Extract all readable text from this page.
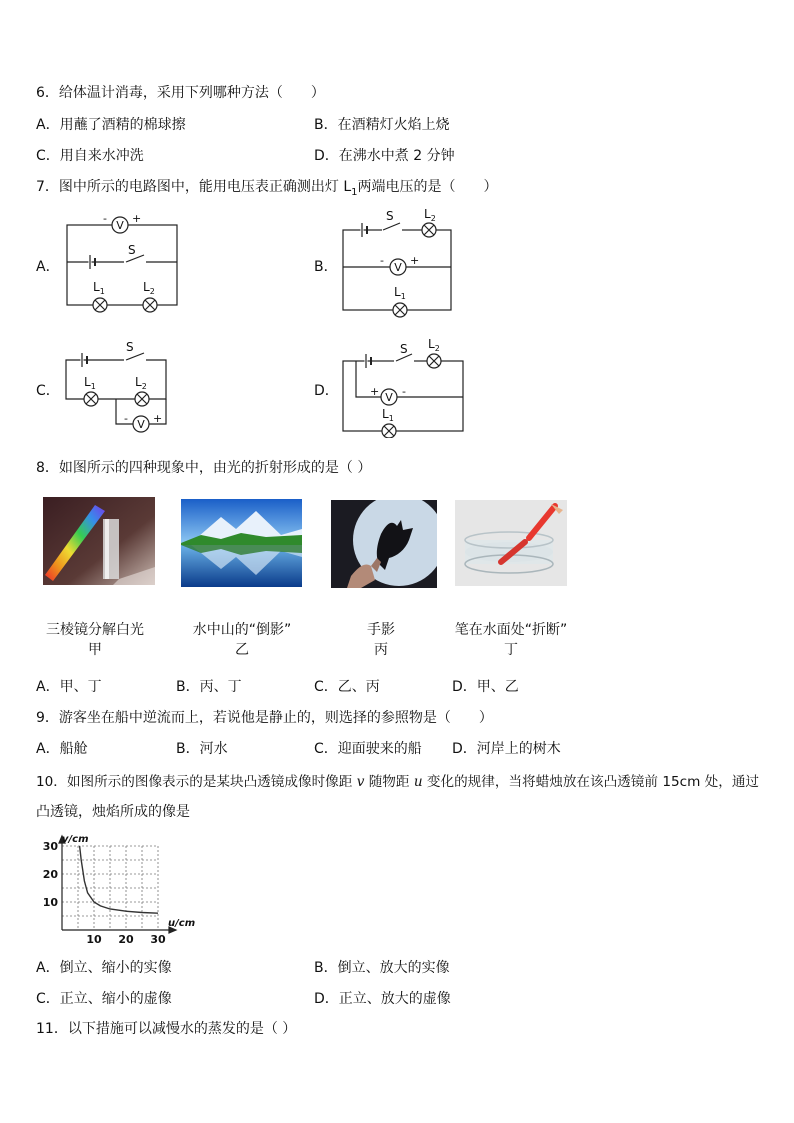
6．给体温计消毒，采用下列哪种方法（　　）
A．用蘸了酒精的棉球擦	B．在酒精灯火焰上烧
C．用自来水冲洗	D．在沸水中煮 2 分钟
7．图中所示的电路图中，能用电压表正确测出灯 $L_1$两端电压的是（　　）
A．	B．
C．	D．
V
- +
S
$L_1$	$L_2$
S	$L_2$
V
- +
$L_1$
S
$L_1$	$L_2$
V
- +
S $L_2$
V
+ -
$L_1$
8．如图所示的四种现象中，由光的折射形成的是（ ）
三棱镜分解白光
甲
水中山的“倒影”
乙
手影
丙
笔在水面处“折断”
丁
A．甲、丁	B．丙、丁	C．乙、丙	D．甲、乙
9．游客坐在船中逆流而上，若说他是静止的，则选择的参照物是（　　）
A．船舱	B．河水	C．迎面驶来的船 D．河岸上的树木
10．如图所示的图像表示的是某块凸透镜成像时像距 v 随物距 u 变化的规律，当将蜡烛放在该凸透镜前 15cm 处，通过
凸透镜，烛焰所成的像是
10 20 30
10
20
30
v/cm
u/cm
A．倒立、缩小的实像	B．倒立、放大的实像
C．正立、缩小的虚像	D．正立、放大的虚像
11．以下措施可以减慢水的蒸发的是（ ）
